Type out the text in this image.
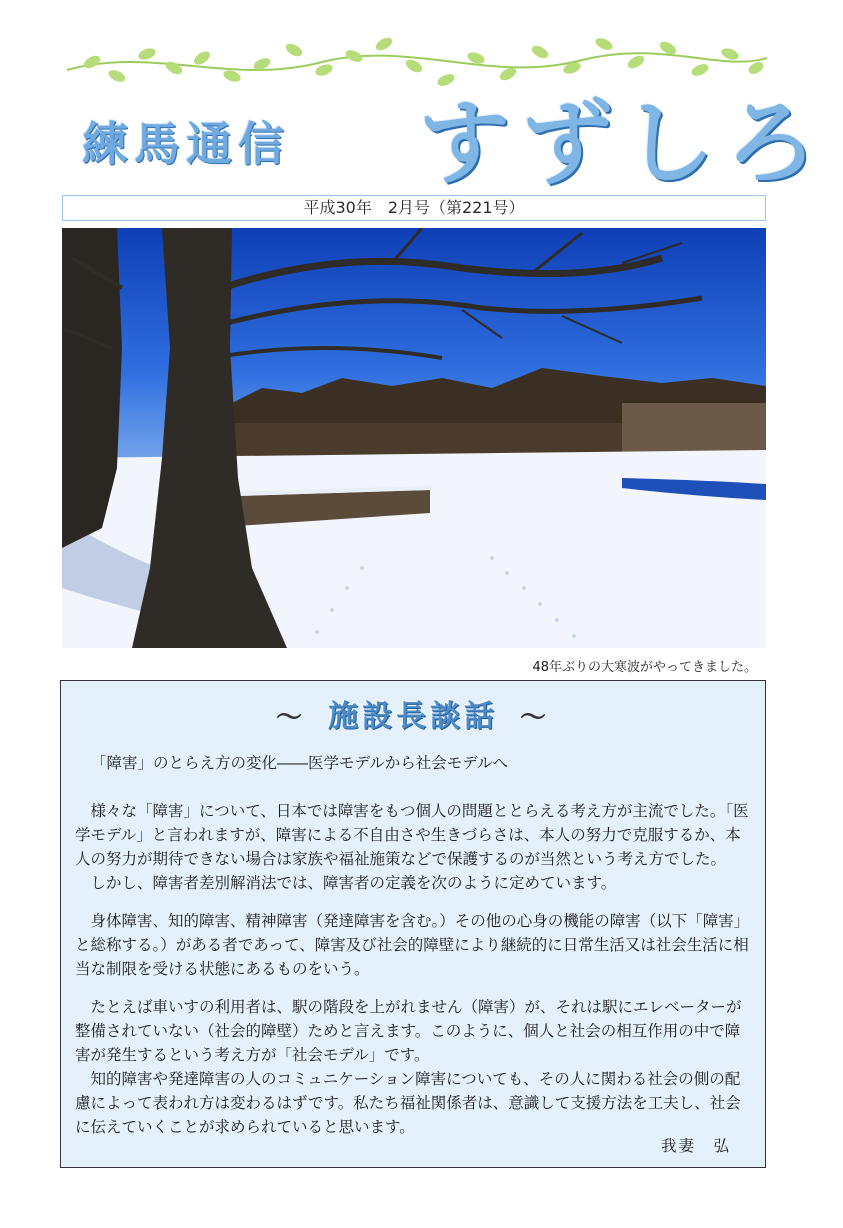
練馬通信 すずしろ
平成30年　2月号（第221号）
48年ぶりの大寒波がやってきました。
～ 施設長談話 ～
「障害」のとらえ方の変化――医学モデルから社会モデルへ

　様々な「障害」について、日本では障害をもつ個人の問題ととらえる考え方が主流でした。「医学モデル」と言われますが、障害による不自由さや生きづらさは、本人の努力で克服するか、本人の努力が期待できない場合は家族や福祉施策などで保護するのが当然という考え方でした。

　しかし、障害者差別解消法では、障害者の定義を次のように定めています。

　身体障害、知的障害、精神障害（発達障害を含む。）その他の心身の機能の障害（以下「障害」と総称する。）がある者であって、障害及び社会的障壁により継続的に日常生活又は社会生活に相当な制限を受ける状態にあるものをいう。

　たとえば車いすの利用者は、駅の階段を上がれません（障害）が、それは駅にエレベーターが整備されていない（社会的障壁）ためと言えます。このように、個人と社会の相互作用の中で障害が発生するという考え方が「社会モデル」です。

　知的障害や発達障害の人のコミュニケーション障害についても、その人に関わる社会の側の配慮によって表われ方は変わるはずです。私たち福祉関係者は、意識して支援方法を工夫し、社会に伝えていくことが求められていると思います。

我妻　弘
